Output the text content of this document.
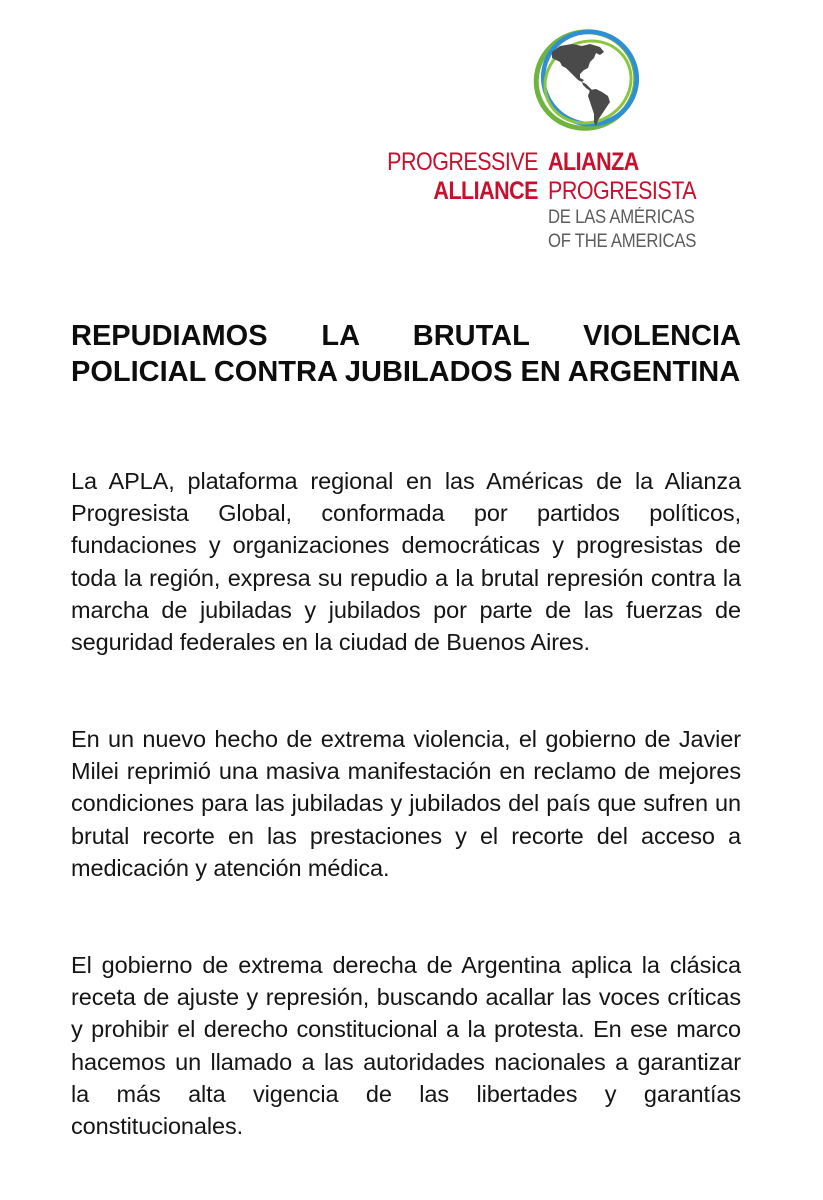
PROGRESSIVE
ALLIANCE
ALIANZA
PROGRESISTA
DE LAS AMÉRICAS
OF THE AMERICAS
REPUDIAMOS LA BRUTAL VIOLENCIA POLICIAL CONTRA JUBILADOS EN ARGENTINA

La APLA, plataforma regional en las Américas de la Alianza Progresista Global, conformada por partidos políticos, fundaciones y organizaciones democráticas y progresistas de toda la región, expresa su repudio a la brutal represión contra la marcha de jubiladas y jubilados por parte de las fuerzas de seguridad federales en la ciudad de Buenos Aires.

En un nuevo hecho de extrema violencia, el gobierno de Javier Milei reprimió una masiva manifestación en reclamo de mejores condiciones para las jubiladas y jubilados del país que sufren un brutal recorte en las prestaciones y el recorte del acceso a medicación y atención médica.

El gobierno de extrema derecha de Argentina aplica la clásica receta de ajuste y represión, buscando acallar las voces críticas y prohibir el derecho constitucional a la protesta. En ese marco hacemos un llamado a las autoridades nacionales a garantizar la más alta vigencia de las libertades y garantías constitucionales.
